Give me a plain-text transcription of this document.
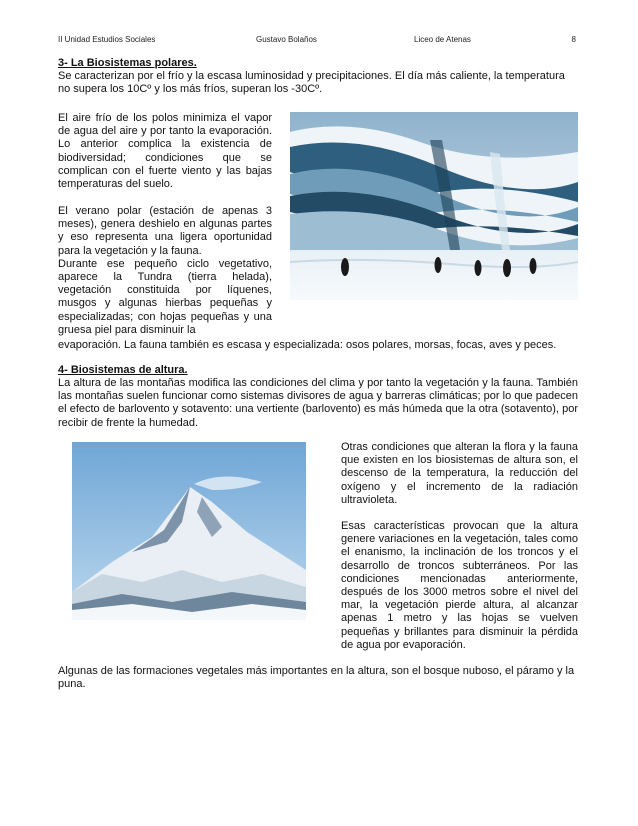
II Unidad Estudios Sociales	Gustavo Bolaños	Liceo de Atenas	8
3- La Biosistemas polares.
Se caracterizan por el frío y la escasa luminosidad y precipitaciones. El día más caliente, la temperatura no supera los 10Cº y los más fríos, superan los -30Cº.
El aire frío de los polos minimiza el vapor de agua del aire y por tanto la evaporación. Lo anterior complica la existencia de biodiversidad; condiciones que se complican con el fuerte viento y las bajas temperaturas del suelo.
El verano polar (estación de apenas 3 meses), genera deshielo en algunas partes y eso representa una ligera oportunidad para la vegetación y la fauna.
Durante ese pequeño ciclo vegetativo, aparece la Tundra (tierra helada), vegetación constituida por líquenes, musgos y algunas hierbas pequeñas y especializadas; con hojas pequeñas y una gruesa piel para disminuir la
evaporación. La fauna también es escasa y especializada: osos polares, morsas, focas, aves y peces.
4- Biosistemas de altura.
La altura de las montañas modifica las condiciones del clima y por tanto la vegetación y la fauna. También las montañas suelen funcionar como sistemas divisores de agua y barreras climáticas; por lo que padecen el efecto de barlovento y sotavento: una vertiente (barlovento) es más húmeda que la otra (sotavento), por recibir de frente la humedad.
Otras condiciones que alteran la flora y la fauna que existen en los biosistemas de altura son, el descenso de la temperatura, la reducción del oxígeno y el incremento de la radiación ultravioleta.
Esas características provocan que la altura genere variaciones en la vegetación, tales como el enanismo, la inclinación de los troncos y el desarrollo de troncos subterráneos. Por las condiciones mencionadas anteriormente, después de los 3000 metros sobre el nivel del mar, la vegetación pierde altura, al alcanzar apenas 1 metro y las hojas se vuelven pequeñas y brillantes para disminuir la pérdida de agua por evaporación.
Algunas de las formaciones vegetales más importantes en la altura, son el bosque nuboso, el páramo y la puna.
